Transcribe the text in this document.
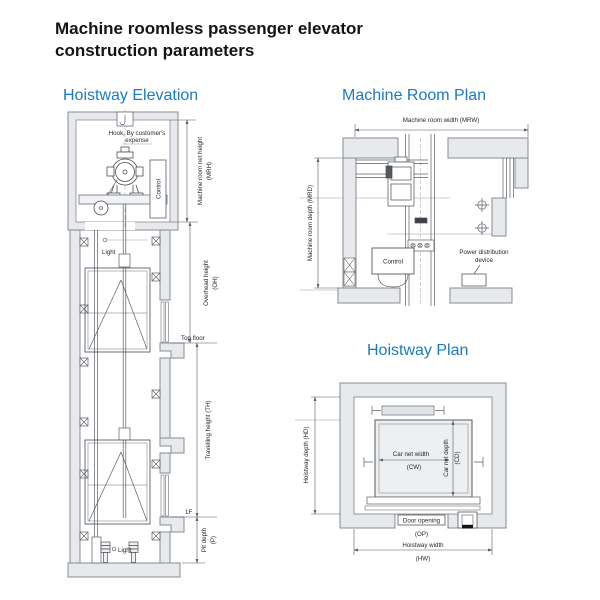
Machine roomless passenger elevator
construction parameters
Hoistway Elevation	Machine Room Plan
Hoistway Plan
Control
Hook, By customer's
expense
Light
Light
Machine room net height (MRH)
Overhead height (OH)
Top floor
Travelling height (TH)
1F
Pit depth (P)
Control
Power distribution
device
Machine room width (MRW)
Machine room depth (MRD)
Car net width
(CW)	Car net depth (CD)
Door opening
(OP)
Hoistway width
(HW)
Hoistway depth (HD)
